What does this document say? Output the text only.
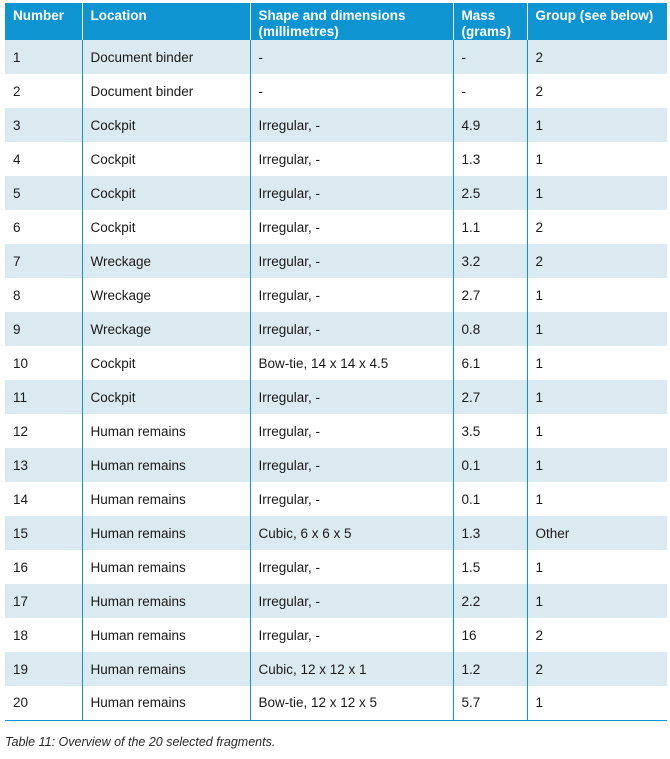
Number	Location	Shape and dimensions (millimetres)	Mass (grams)	Group (see below)
1	Document binder	-	-	2
2	Document binder	-	-	2
3	Cockpit	Irregular, -	4.9	1
4	Cockpit	Irregular, -	1.3	1
5	Cockpit	Irregular, -	2.5	1
6	Cockpit	Irregular, -	1.1	2
7	Wreckage	Irregular, -	3.2	2
8	Wreckage	Irregular, -	2.7	1
9	Wreckage	Irregular, -	0.8	1
10	Cockpit	Bow-tie, 14 x 14 x 4.5	6.1	1
11	Cockpit	Irregular, -	2.7	1
12	Human remains	Irregular, -	3.5	1
13	Human remains	Irregular, -	0.1	1
14	Human remains	Irregular, -	0.1	1
15	Human remains	Cubic, 6 x 6 x 5	1.3	Other
16	Human remains	Irregular, -	1.5	1
17	Human remains	Irregular, -	2.2	1
18	Human remains	Irregular, -	16	2
19	Human remains	Cubic, 12 x 12 x 1	1.2	2
20	Human remains	Bow-tie, 12 x 12 x 5	5.7	1
Table 11: Overview of the 20 selected fragments.
